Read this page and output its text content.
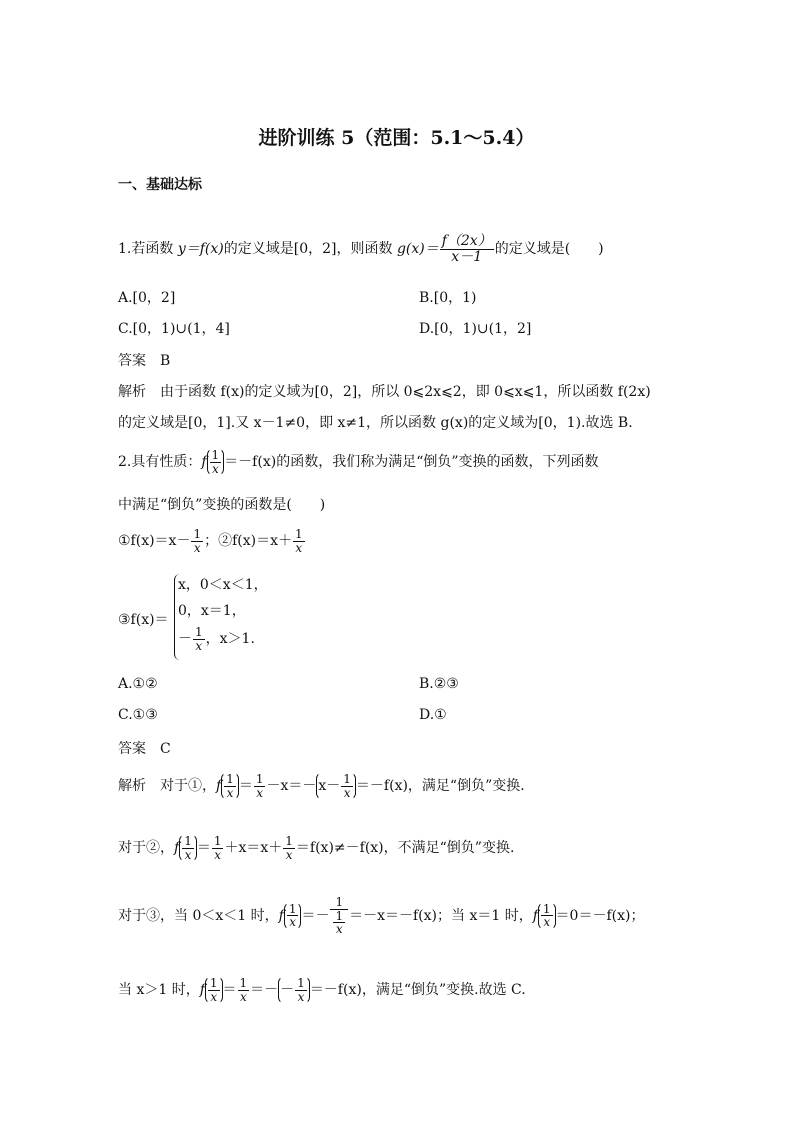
进阶训练 5（范围：5.1～5.4）
一、基础达标
1.若函数 y＝f(x)的定义域是[0，2]，则函数 $g(x)= \frac{f(2x)}{x-1}$ 的定义域是(　　)
A.[0，2]	B.[0，1)
C.[0，1)∪(1，4]	D.[0，1)∪(1，2]
答案　B
解析　由于函数 f(x)的定义域为[0，2]，所以 0⩽2x⩽2，即 0⩽x⩽1，所以函数 f(2x)
的定义域是[0，1].又 x－1≠0，即 x≠1，所以函数 g(x)的定义域为[0，1).故选 B.
2.具有性质：f $\frac{1}{x} =-f(x)$的函数，我们称为满足“倒负”变换的函数，下列函数
中满足“倒负”变换的函数是(　　)
①f(x)＝x－ $\frac{1}{x}$ ；②f(x)＝x＋ $\frac{1}{x}$
③f(x)＝
x，0＜x＜1，
0，x＝1，
－ $\frac{1}{x}$ ，x＞1.
A.①②	B.②③
C.①③	D.①
答案　C
解析　对于①，f $\frac{1}{x} = \frac{1}{x} -x=- x- \frac{1}{x} =-f(x)$，满足“倒负”变换.
对于②，f $\frac{1}{x} = \frac{1}{x} +x=x+ \frac{1}{x} =f(x)\ne-f(x)$，不满足“倒负”变换.
对于③，当 0＜x＜1 时，f $\frac{1}{x} =- \frac{1}{\frac{1}{x}} =-x=-f(x)$；当 x＝1 时，f $\frac{1}{x} =0=-f(x)$；
当 x＞1 时，f $\frac{1}{x} = \frac{1}{x}$ ＝－ － $\frac{1}{x} =-f(x)$，满足“倒负”变换.故选 C.
